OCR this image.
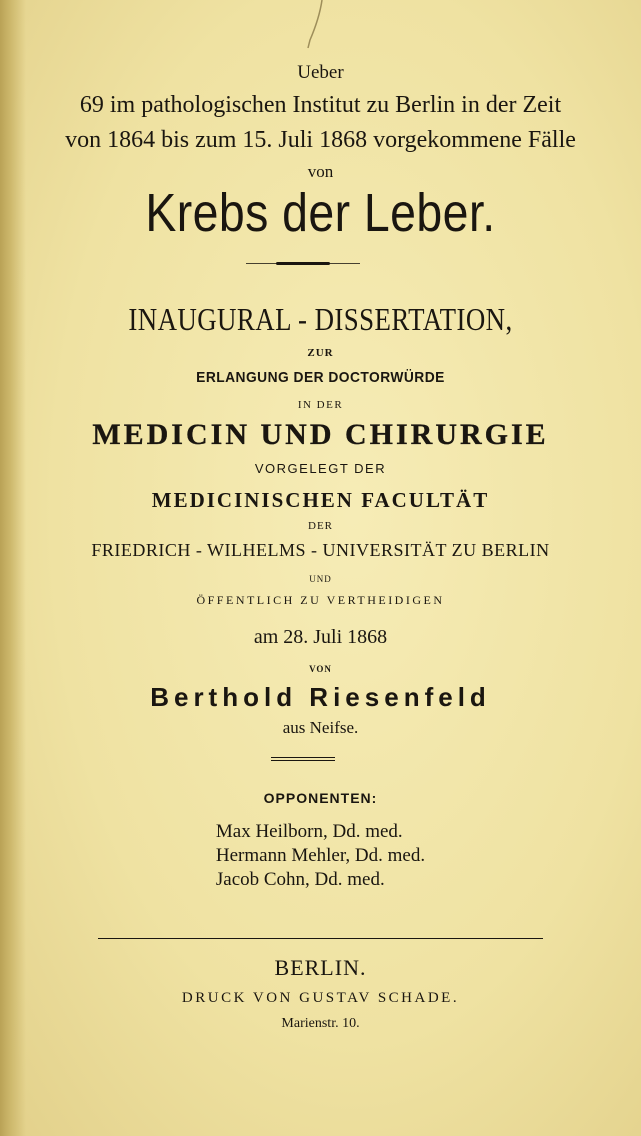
Ueber
69 im pathologischen Institut zu Berlin in der Zeit
von 1864 bis zum 15. Juli 1868 vorgekommene Fälle
von
Krebs der Leber.
INAUGURAL - DISSERTATION,
ZUR
ERLANGUNG DER DOCTORWÜRDE
IN DER
MEDICIN UND CHIRURGIE
VORGELEGT DER
MEDICINISCHEN FACULTÄT
DER
FRIEDRICH - WILHELMS - UNIVERSITÄT ZU BERLIN
UND
ÖFFENTLICH ZU VERTHEIDIGEN
am 28. Juli 1868
VON
Berthold Riesenfeld
aus Neifse.
OPPONENTEN:
Max Heilborn, Dd. med.
Hermann Mehler, Dd. med.
Jacob Cohn, Dd. med.
BERLIN.
DRUCK VON GUSTAV SCHADE.
Marienstr. 10.
